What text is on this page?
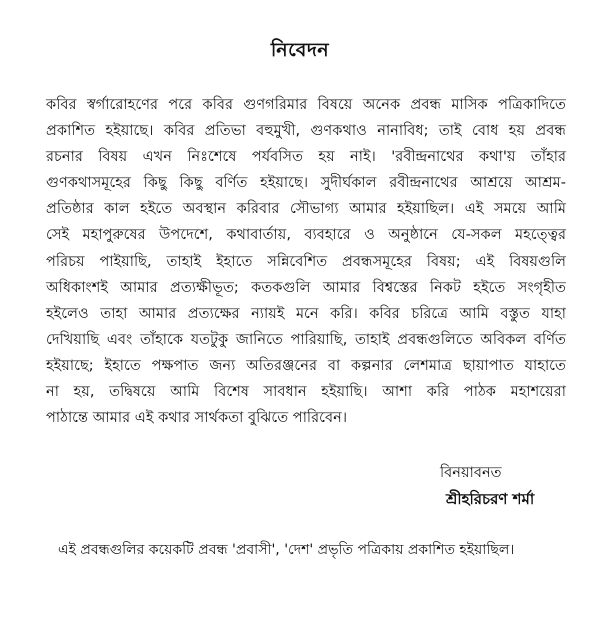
নিবেদন
কবির স্বর্গারোহণের পরে কবির গুণগরিমার বিষয়ে অনেক প্রবন্ধ মাসিক পত্রিকাদিতে
প্রকাশিত হইয়াছে। কবির প্রতিভা বহুমুখী, গুণকথাও নানাবিধ; তাই বোধ হয় প্রবন্ধ
রচনার বিষয় এখন নিঃশেষে পর্যবসিত হয় নাই। 'রবীন্দ্রনাথের কথা'য় তাঁহার
গুণকথাসমূহের কিছু কিছু বর্ণিত হইয়াছে। সুদীর্ঘকাল রবীন্দ্রনাথের আশ্রয়ে আশ্রম-
প্রতিষ্ঠার কাল হইতে অবস্থান করিবার সৌভাগ্য আমার হইয়াছিল। এই সময়ে আমি
সেই মহাপুরুষের উপদেশে, কথাবার্তায়, ব্যবহারে ও অনুষ্ঠানে যে-সকল মহত্ত্বের
পরিচয় পাইয়াছি, তাহাই ইহাতে সন্নিবেশিত প্রবন্ধসমূহের বিষয়; এই বিষয়গুলি
অধিকাংশই আমার প্রত্যক্ষীভূত; কতকগুলি আমার বিশ্বস্তের নিকট হইতে সংগৃহীত
হইলেও তাহা আমার প্রত্যক্ষের ন্যায়ই মনে করি। কবির চরিত্রে আমি বস্তুত যাহা
দেখিয়াছি এবং তাঁহাকে যতটুকু জানিতে পারিয়াছি, তাহাই প্রবন্ধগুলিতে অবিকল বর্ণিত
হইয়াছে; ইহাতে পক্ষপাত জন্য অতিরঞ্জনের বা কল্পনার লেশমাত্র ছায়াপাত যাহাতে
না হয়, তদ্বিষয়ে আমি বিশেষ সাবধান হইয়াছি। আশা করি পাঠক মহাশয়েরা
পাঠান্তে আমার এই কথার সার্থকতা বুঝিতে পারিবেন।
বিনয়াবনত
শ্রীহরিচরণ শর্মা
এই প্রবন্ধগুলির কয়েকটি প্রবন্ধ 'প্রবাসী', 'দেশ' প্রভৃতি পত্রিকায় প্রকাশিত হইয়াছিল।
